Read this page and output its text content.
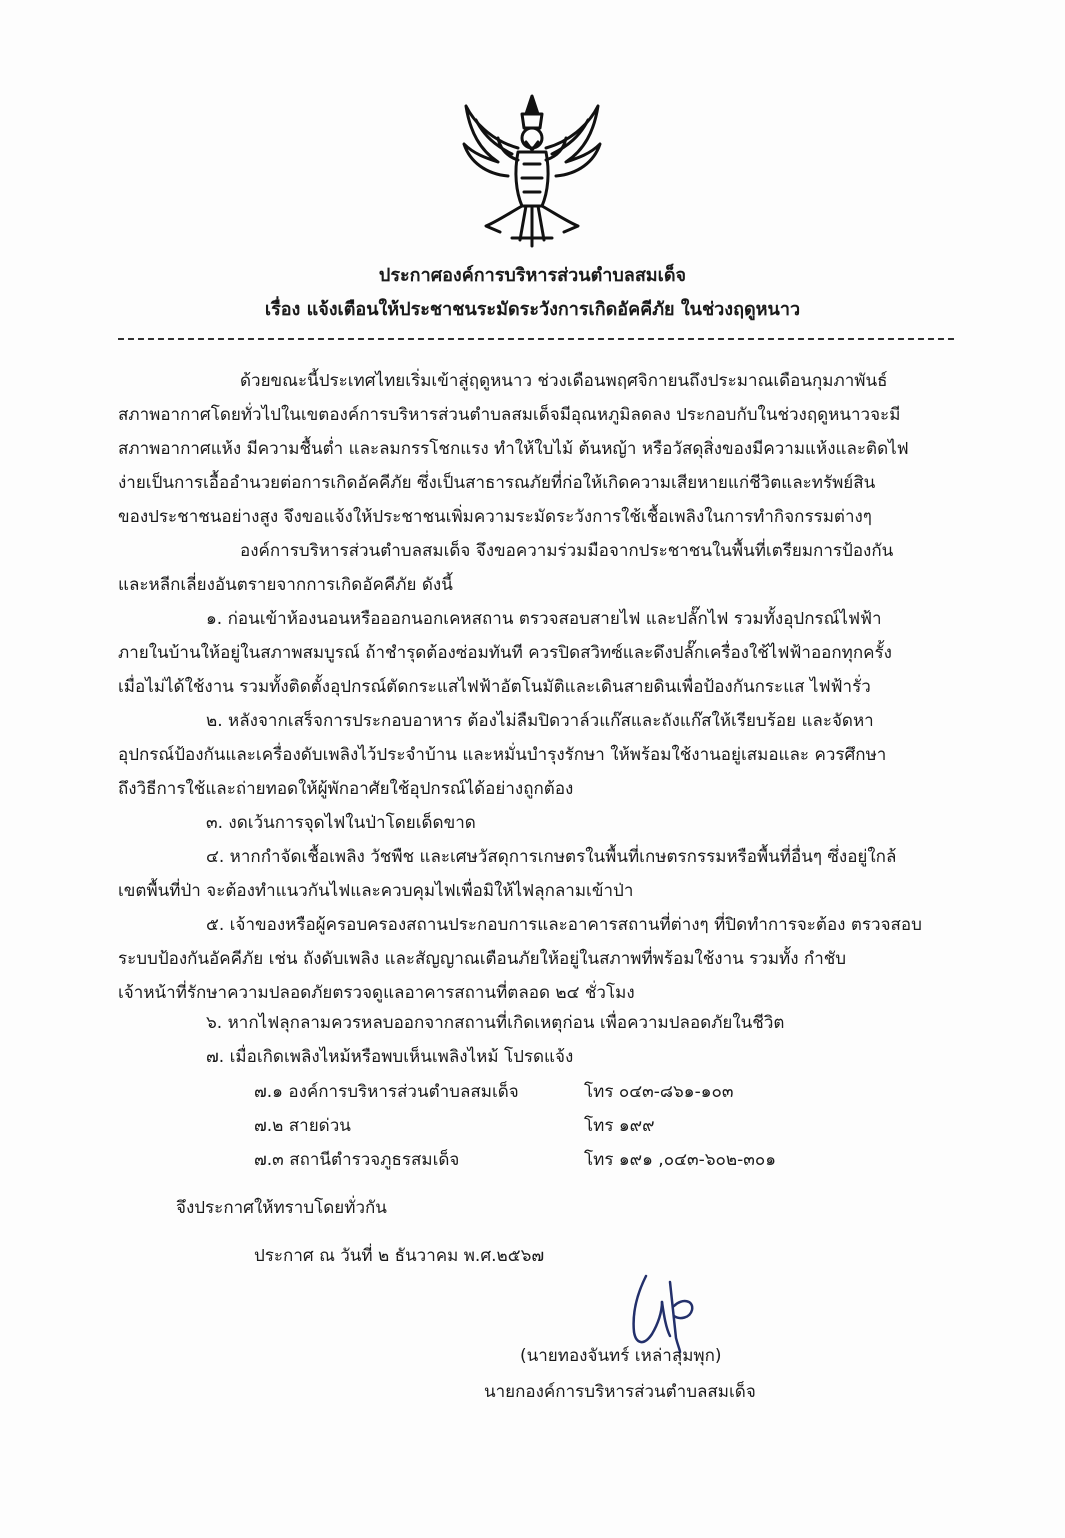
ประกาศองค์การบริหารส่วนตำบลสมเด็จ
เรื่อง แจ้งเตือนให้ประชาชนระมัดระวังการเกิดอัคคีภัย ในช่วงฤดูหนาว
ด้วยขณะนี้ประเทศไทยเริ่มเข้าสู่ฤดูหนาว ช่วงเดือนพฤศจิกายนถึงประมาณเดือนกุมภาพันธ์
สภาพอากาศโดยทั่วไปในเขตองค์การบริหารส่วนตำบลสมเด็จมีอุณหภูมิลดลง ประกอบกับในช่วงฤดูหนาวจะมี
สภาพอากาศแห้ง มีความชื้นต่ำ และลมกรรโชกแรง ทำให้ใบไม้ ต้นหญ้า หรือวัสดุสิ่งของมีความแห้งและติดไฟ
ง่ายเป็นการเอื้ออำนวยต่อการเกิดอัคคีภัย ซึ่งเป็นสาธารณภัยที่ก่อให้เกิดความเสียหายแก่ชีวิตและทรัพย์สิน
ของประชาชนอย่างสูง จึงขอแจ้งให้ประชาชนเพิ่มความระมัดระวังการใช้เชื้อเพลิงในการทำกิจกรรมต่างๆ
องค์การบริหารส่วนตำบลสมเด็จ จึงขอความร่วมมือจากประชาชนในพื้นที่เตรียมการป้องกัน
และหลีกเลี่ยงอันตรายจากการเกิดอัคคีภัย ดังนี้
๑. ก่อนเข้าห้องนอนหรือออกนอกเคหสถาน ตรวจสอบสายไฟ และปลั๊กไฟ รวมทั้งอุปกรณ์ไฟฟ้า
ภายในบ้านให้อยู่ในสภาพสมบูรณ์ ถ้าชำรุดต้องซ่อมทันที ควรปิดสวิทซ์และดึงปลั๊กเครื่องใช้ไฟฟ้าออกทุกครั้ง
เมื่อไม่ได้ใช้งาน รวมทั้งติดตั้งอุปกรณ์ตัดกระแสไฟฟ้าอัตโนมัติและเดินสายดินเพื่อป้องกันกระแส ไฟฟ้ารั่ว
๒. หลังจากเสร็จการประกอบอาหาร ต้องไม่ลืมปิดวาล์วแก๊สและถังแก๊สให้เรียบร้อย และจัดหา
อุปกรณ์ป้องกันและเครื่องดับเพลิงไว้ประจำบ้าน และหมั่นบำรุงรักษา ให้พร้อมใช้งานอยู่เสมอและ ควรศึกษา
ถึงวิธีการใช้และถ่ายทอดให้ผู้พักอาศัยใช้อุปกรณ์ได้อย่างถูกต้อง
๓. งดเว้นการจุดไฟในป่าโดยเด็ดขาด
๔. หากกำจัดเชื้อเพลิง วัชพืช และเศษวัสดุการเกษตรในพื้นที่เกษตรกรรมหรือพื้นที่อื่นๆ ซึ่งอยู่ใกล้
เขตพื้นที่ป่า จะต้องทำแนวกันไฟและควบคุมไฟเพื่อมิให้ไฟลุกลามเข้าป่า
๕. เจ้าของหรือผู้ครอบครองสถานประกอบการและอาคารสถานที่ต่างๆ ที่ปิดทำการจะต้อง ตรวจสอบ
ระบบป้องกันอัคคีภัย เช่น ถังดับเพลิง และสัญญาณเตือนภัยให้อยู่ในสภาพที่พร้อมใช้งาน รวมทั้ง กำชับ
เจ้าหน้าที่รักษาความปลอดภัยตรวจดูแลอาคารสถานที่ตลอด ๒๔ ชั่วโมง
๖. หากไฟลุกลามควรหลบออกจากสถานที่เกิดเหตุก่อน เพื่อความปลอดภัยในชีวิต
๗. เมื่อเกิดเพลิงไหม้หรือพบเห็นเพลิงไหม้ โปรดแจ้ง
๗.๑ องค์การบริหารส่วนตำบลสมเด็จ	โทร ๐๔๓-๘๖๑-๑๐๓
๗.๒ สายด่วน	โทร ๑๙๙
๗.๓ สถานีตำรวจภูธรสมเด็จ	โทร ๑๙๑ ,๐๔๓-๖๐๒-๓๐๑
จึงประกาศให้ทราบโดยทั่วกัน
ประกาศ ณ วันที่ ๒ ธันวาคม พ.ศ.๒๕๖๗
(นายทองจันทร์ เหล่าลุมพุก)
นายกองค์การบริหารส่วนตำบลสมเด็จ
